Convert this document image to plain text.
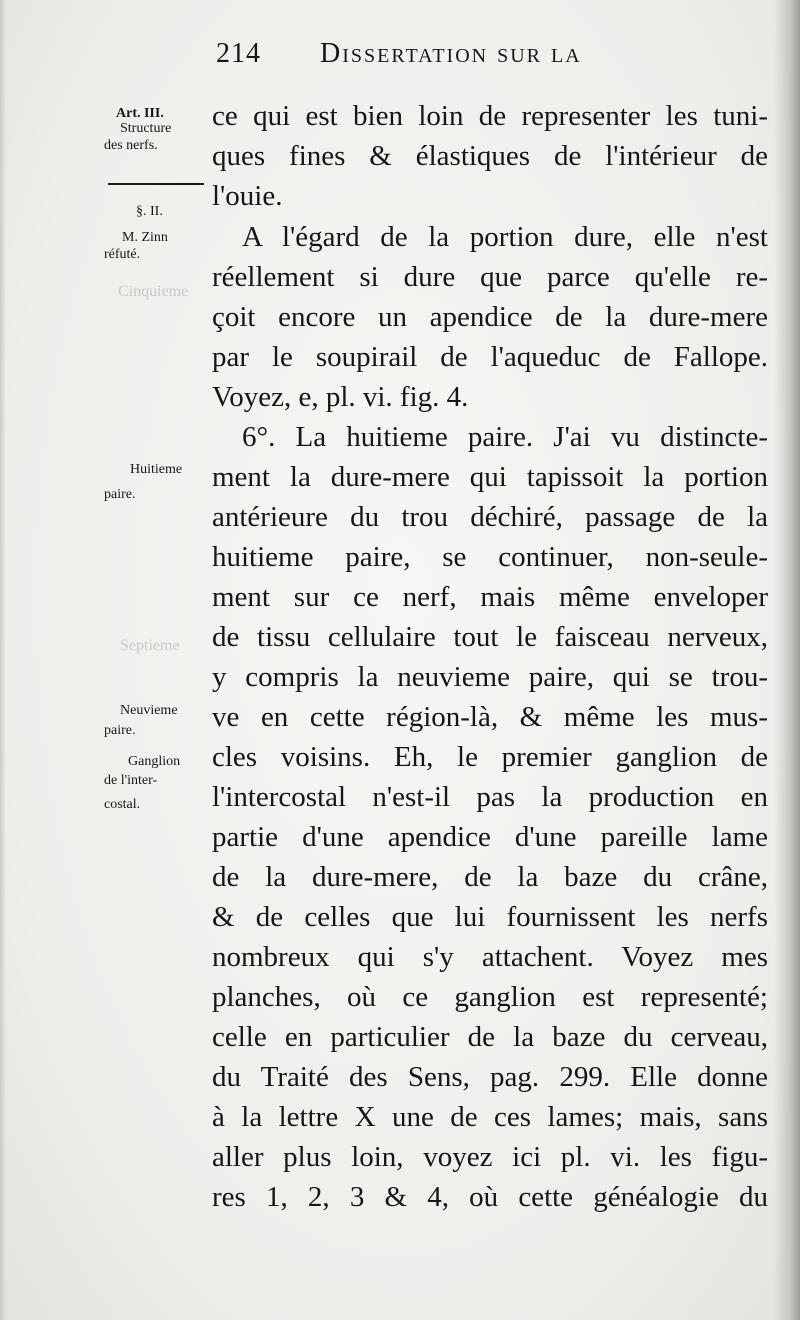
Cinquieme
Septieme
214 Dissertation sur la
Art. III.
Structure
des nerfs.
§. II.
M. Zinn
réfuté.
Huitieme
paire.
Neuvieme
paire.
Ganglion
de l'inter-
costal.
ce qui est bien loin de representer les tuni-
ques fines & élastiques de l'intérieur de
l'ouie.
A l'égard de la portion dure, elle n'est
réellement si dure que parce qu'elle re-
çoit encore un apendice de la dure-mere
par le soupirail de l'aqueduc de Fallope.
Voyez, e, pl. vi. fig. 4.
6°. La huitieme paire. J'ai vu distincte-
ment la dure-mere qui tapissoit la portion
antérieure du trou déchiré, passage de la
huitieme paire, se continuer, non-seule-
ment sur ce nerf, mais même enveloper
de tissu cellulaire tout le faisceau nerveux,
y compris la neuvieme paire, qui se trou-
ve en cette région-là, & même les mus-
cles voisins. Eh, le premier ganglion de
l'intercostal n'est-il pas la production en
partie d'une apendice d'une pareille lame
de la dure-mere, de la baze du crâne,
& de celles que lui fournissent les nerfs
nombreux qui s'y attachent. Voyez mes
planches, où ce ganglion est representé;
celle en particulier de la baze du cerveau,
du Traité des Sens, pag. 299. Elle donne
à la lettre X une de ces lames; mais, sans
aller plus loin, voyez ici pl. vi. les figu-
res 1, 2, 3 & 4, où cette généalogie du
